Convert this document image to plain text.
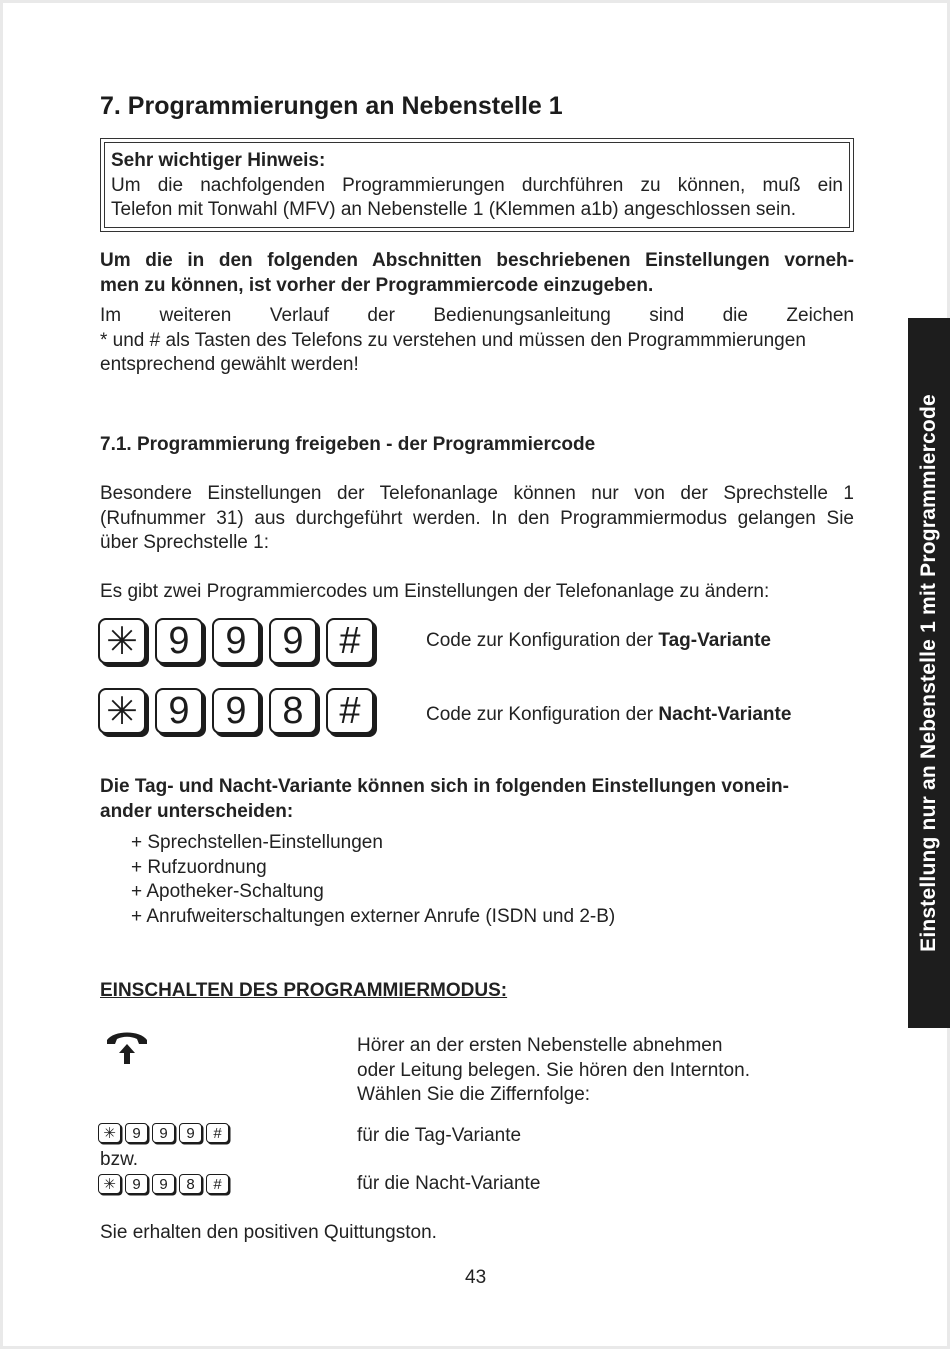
7. Programmierungen an Nebenstelle 1
Sehr wichtiger Hinweis:
Um die nachfolgenden Programmierungen durchführen zu können, muß ein
Telefon mit Tonwahl (MFV) an Nebenstelle 1 (Klemmen a1b) angeschlossen sein.
Um die in den folgenden Abschnitten beschriebenen Einstellungen vorneh-
men zu können, ist vorher der Programmiercode einzugeben.
Im weiteren Verlauf der Bedienungsanleitung sind die Zeichen
* und # als Tasten des Telefons zu verstehen und müssen den Programmmierungen
entsprechend gewählt werden!
7.1. Programmierung freigeben - der Programmiercode
Besondere Einstellungen der Telefonanlage können nur von der Sprechstelle 1
(Rufnummer 31) aus durchgeführt werden. In den Programmiermodus gelangen Sie
über Sprechstelle 1:
Es gibt zwei Programmiercodes um Einstellungen der Telefonanlage zu ändern:
✳ 9 9 9 #	Code zur Konfiguration der Tag-Variante
✳ 9 9 8 #	Code zur Konfiguration der Nacht-Variante
Die Tag- und Nacht-Variante können sich in folgenden Einstellungen vonein-
ander unterscheiden:
+ Sprechstellen-Einstellungen
+ Rufzuordnung
+ Apotheker-Schaltung
+ Anrufweiterschaltungen externer Anrufe (ISDN und 2-B)
EINSCHALTEN DES PROGRAMMIERMODUS:
Hörer an der ersten Nebenstelle abnehmen
oder Leitung belegen. Sie hören den Internton.
Wählen Sie die Ziffernfolge:
✳	9	9	9	#	für die Tag-Variante
bzw.
✳	9	9	8	#	für die Nacht-Variante
Sie erhalten den positiven Quittungston.
43
Einstellung nur an Nebenstelle 1 mit Programmiercode
